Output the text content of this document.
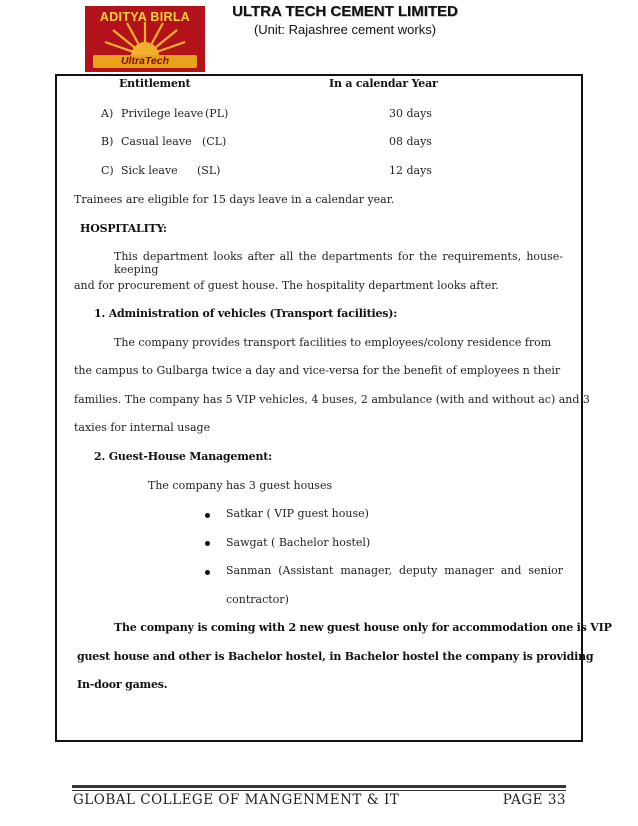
ADITYA BIRLA
UltraTech
ULTRA TECH CEMENT LIMITED
(Unit: Rajashree cement works)
Entitlement	In a calendar Year
A) Privilege leave (PL)	30 days
B) Casual leave (CL)	08 days
C) Sick leave (SL)	12 days
Trainees are eligible for 15 days leave in a calendar year.
HOSPITALITY:
This department looks after all the departments for the requirements, house-keeping
and for procurement of guest house. The hospitality department looks after.
1. Administration of vehicles (Transport facilities):
The company provides transport facilities to employees/colony residence from
the campus to Gulbarga twice a day and vice-versa for the benefit of employees n their
families. The company has 5 VIP vehicles, 4 buses, 2 ambulance (with and without ac) and 3
taxies for internal usage
2. Guest-House Management:
The company has 3 guest houses
Satkar ( VIP guest house)
Sawgat ( Bachelor hostel)
Sanman (Assistant manager, deputy manager and senior
contractor)
The company is coming with 2 new guest house only for accommodation one is VIP
guest house and other is Bachelor hostel, in Bachelor hostel the company is providing
In-door games.
GLOBAL COLLEGE OF MANGENMENT & IT	PAGE 33
